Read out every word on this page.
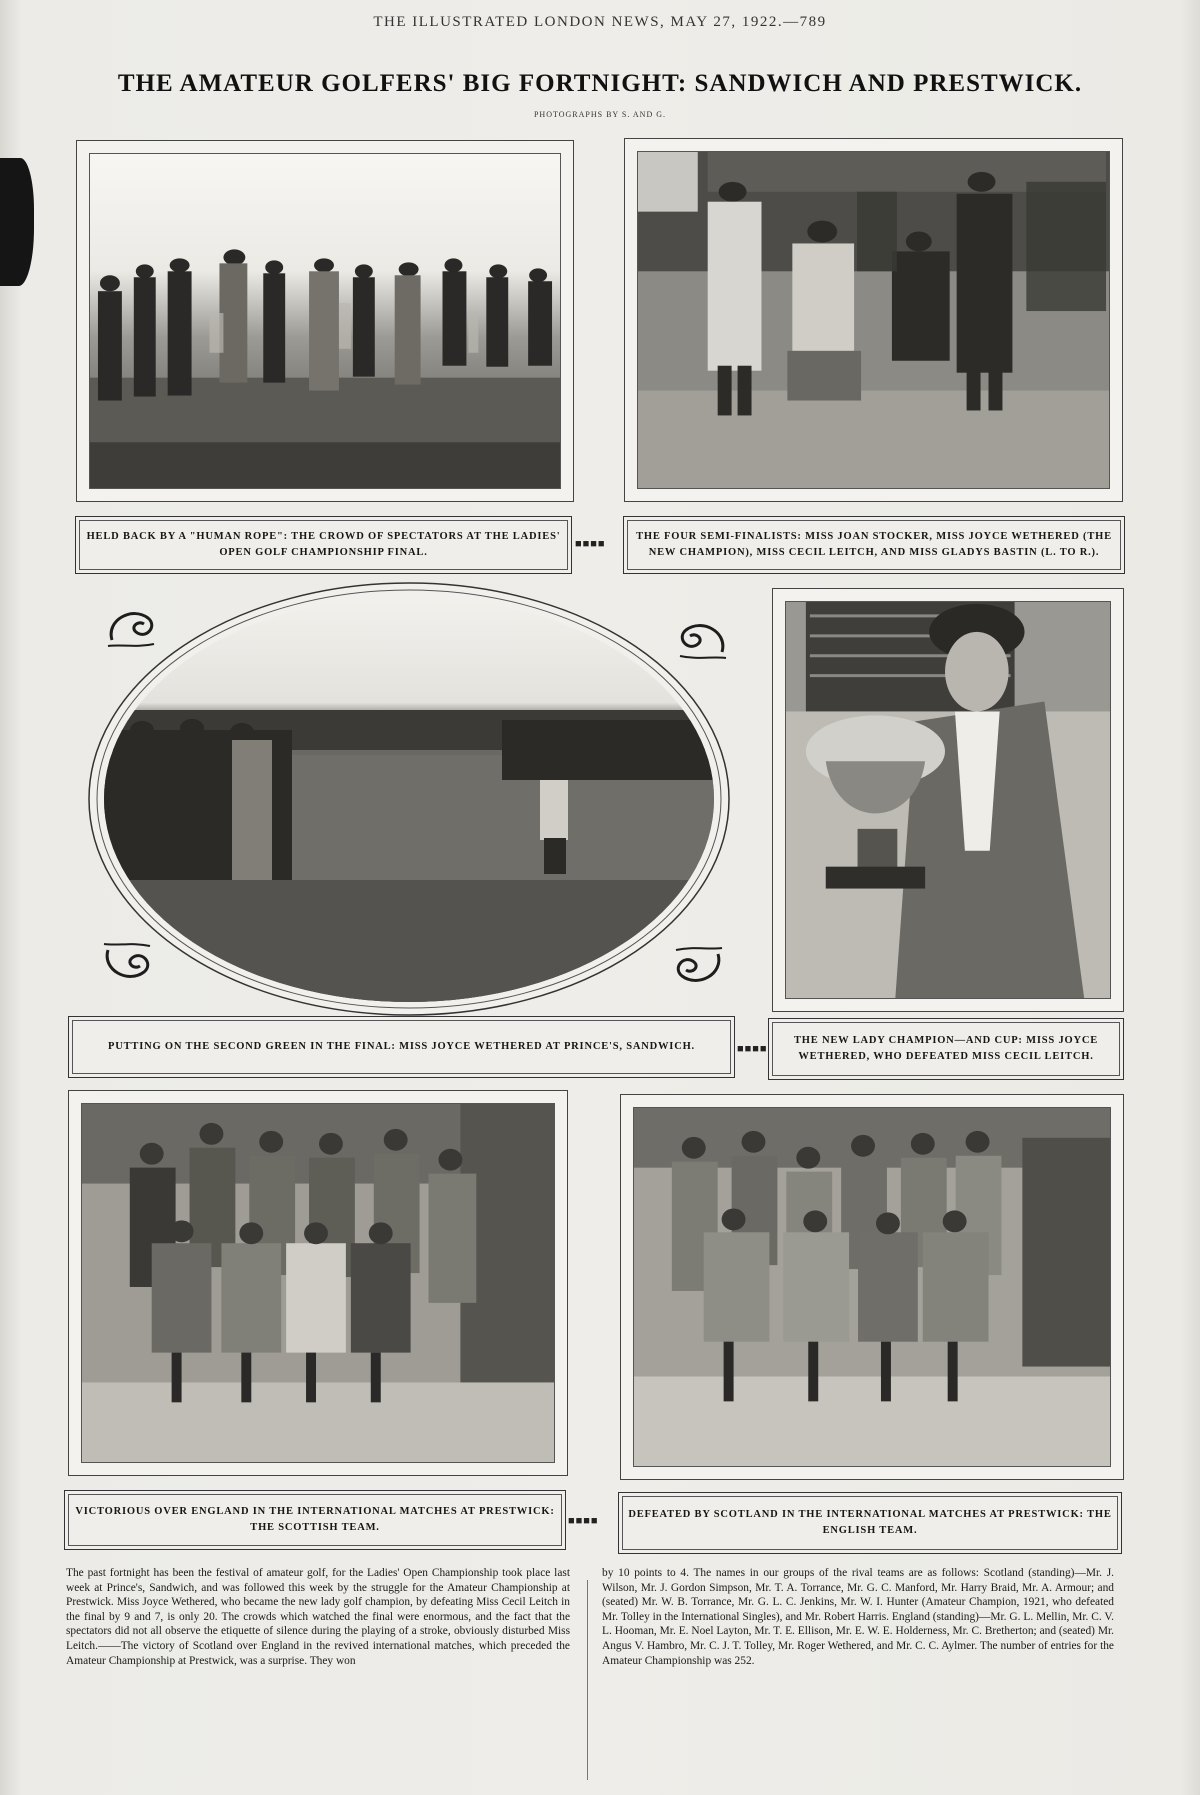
THE ILLUSTRATED LONDON NEWS, MAY 27, 1922.—789
THE AMATEUR GOLFERS' BIG FORTNIGHT: SANDWICH AND PRESTWICK.
PHOTOGRAPHS BY S. AND G.
HELD BACK BY A "HUMAN ROPE": THE CROWD OF SPECTATORS AT THE LADIES' OPEN GOLF CHAMPIONSHIP FINAL.
■■■■
THE FOUR SEMI-FINALISTS: MISS JOAN STOCKER, MISS JOYCE WETHERED (THE NEW CHAMPION), MISS CECIL LEITCH, AND MISS GLADYS BASTIN (L. TO R.).
PUTTING ON THE SECOND GREEN IN THE FINAL: MISS JOYCE WETHERED AT PRINCE'S, SANDWICH.	■■■■
THE NEW LADY CHAMPION—AND CUP: MISS JOYCE WETHERED, WHO DEFEATED MISS CECIL LEITCH.
VICTORIOUS OVER ENGLAND IN THE INTERNATIONAL MATCHES AT PRESTWICK: THE SCOTTISH TEAM.
■■■■
DEFEATED BY SCOTLAND IN THE INTERNATIONAL MATCHES AT PRESTWICK: THE ENGLISH TEAM.
The past fortnight has been the festival of amateur golf, for the Ladies' Open Championship took place last week at Prince's, Sandwich, and was followed this week by the struggle for the Amateur Championship at Prestwick. Miss Joyce Wethered, who became the new lady golf champion, by defeating Miss Cecil Leitch in the final by 9 and 7, is only 20. The crowds which watched the final were enormous, and the fact that the spectators did not all observe the etiquette of silence during the playing of a stroke, obviously disturbed Miss Leitch.——The victory of Scotland over England in the revived international matches, which preceded the Amateur Championship at Prestwick, was a surprise. They won
by 10 points to 4. The names in our groups of the rival teams are as follows: Scotland (standing)—Mr. J. Wilson, Mr. J. Gordon Simpson, Mr. T. A. Torrance, Mr. G. C. Manford, Mr. Harry Braid, Mr. A. Armour; and (seated) Mr. W. B. Torrance, Mr. G. L. C. Jenkins, Mr. W. I. Hunter (Amateur Champion, 1921, who defeated Mr. Tolley in the International Singles), and Mr. Robert Harris. England (standing)—Mr. G. L. Mellin, Mr. C. V. L. Hooman, Mr. E. Noel Layton, Mr. T. E. Ellison, Mr. E. W. E. Holderness, Mr. C. Bretherton; and (seated) Mr. Angus V. Hambro, Mr. C. J. T. Tolley, Mr. Roger Wethered, and Mr. C. C. Aylmer. The number of entries for the Amateur Championship was 252.
